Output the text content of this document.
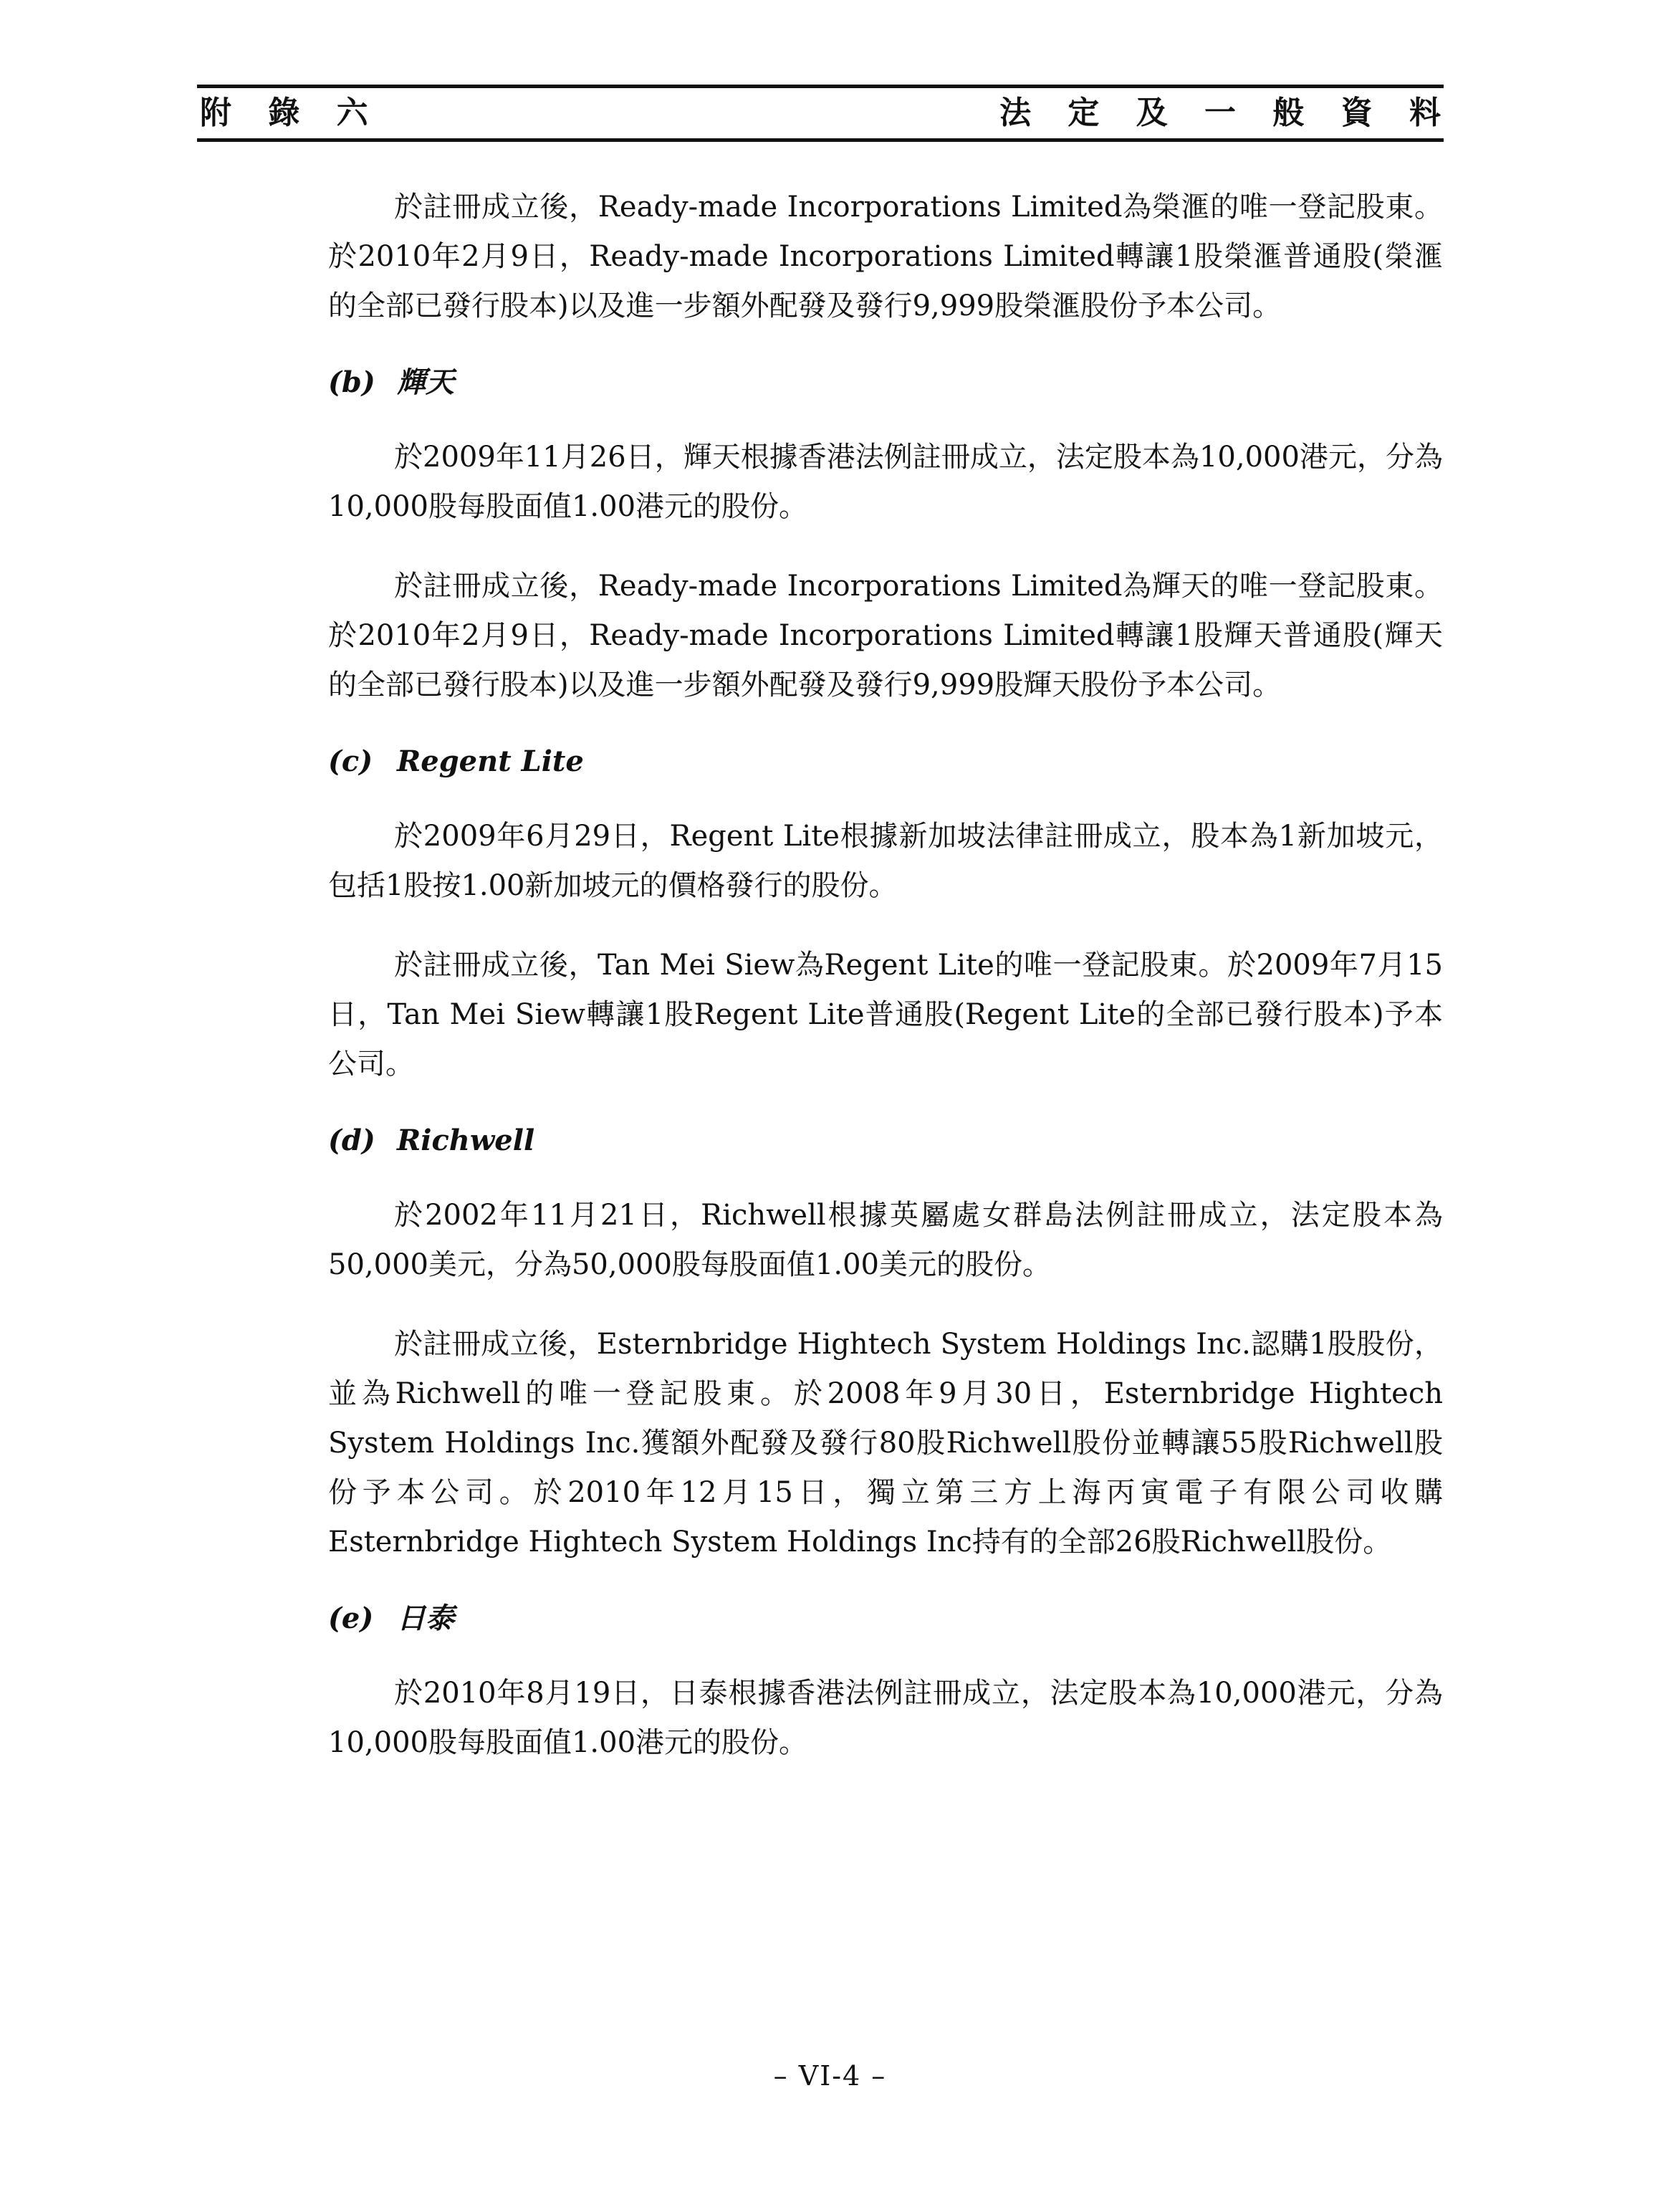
附 錄 六	法 定 及 一 般 資 料

於註冊成立後，Ready-made Incorporations Limited為榮滙的唯一登記股東。於2010年2月9日，Ready-made Incorporations Limited轉讓1股榮滙普通股(榮滙的全部已發行股本)以及進一步額外配發及發行9,999股榮滙股份予本公司。

(b) 輝天

於2009年11月26日，輝天根據香港法例註冊成立，法定股本為10,000港元，分為10,000股每股面值1.00港元的股份。

於註冊成立後，Ready-made Incorporations Limited為輝天的唯一登記股東。於2010年2月9日，Ready-made Incorporations Limited轉讓1股輝天普通股(輝天的全部已發行股本)以及進一步額外配發及發行9,999股輝天股份予本公司。

(c) Regent Lite

於2009年6月29日，Regent Lite根據新加坡法律註冊成立，股本為1新加坡元，包括1股按1.00新加坡元的價格發行的股份。

於註冊成立後，Tan Mei Siew為Regent Lite的唯一登記股東。於2009年7月15日，Tan Mei Siew轉讓1股Regent Lite普通股(Regent Lite的全部已發行股本)予本公司。

(d) Richwell

於2002年11月21日，Richwell根據英屬處女群島法例註冊成立，法定股本為50,000美元，分為50,000股每股面值1.00美元的股份。

於註冊成立後，Esternbridge Hightech System Holdings Inc.認購1股股份，並為Richwell的唯一登記股東。於2008年9月30日，Esternbridge Hightech System Holdings Inc.獲額外配發及發行80股Richwell股份並轉讓55股Richwell股份予本公司。於2010年12月15日，獨立第三方上海丙寅電子有限公司收購Esternbridge Hightech System Holdings Inc持有的全部26股Richwell股份。

(e) 日泰

於2010年8月19日，日泰根據香港法例註冊成立，法定股本為10,000港元，分為10,000股每股面值1.00港元的股份。

– VI-4 –
